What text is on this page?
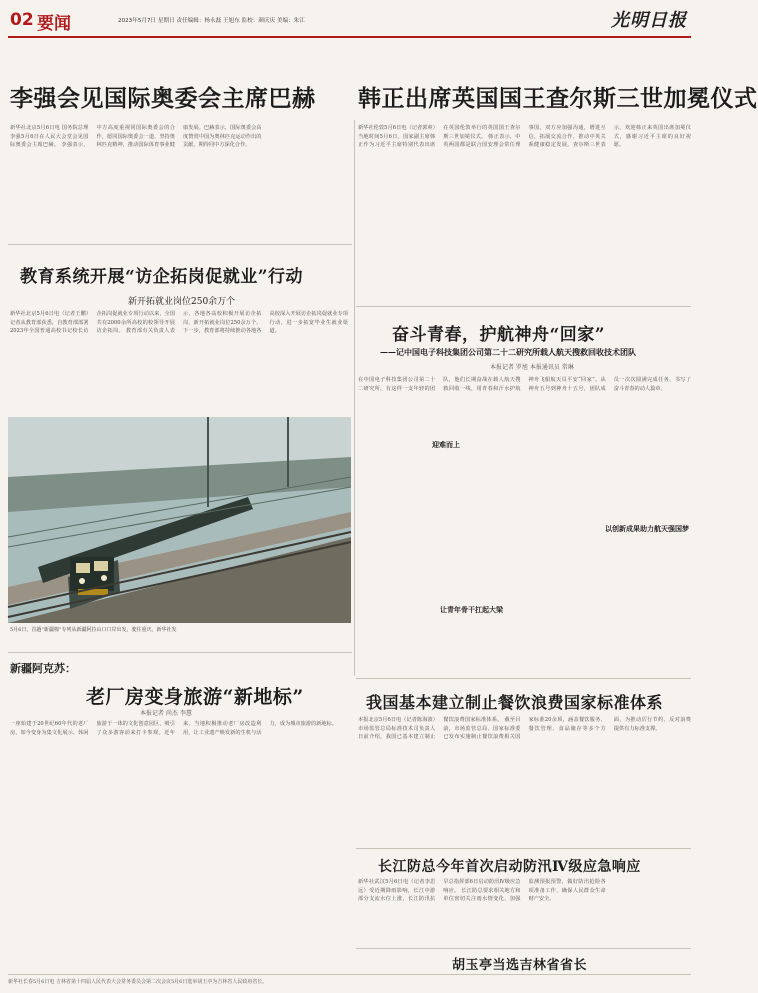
02 要闻	2023年5月7日 星期日 责任编辑：杨永磊 王旭东 监校：颜庆庆 美编：朱江	光明日报
李强会见国际奥委会主席巴赫 韩正出席英国国王查尔斯三世加冕仪式
新华社北京5月6日电 国务院总理李强5月6日在人民大会堂会见国际奥委会主席巴赫。 李强表示，中方高度重视同国际奥委会的合作，愿同国际奥委会一道，坚持奥林匹克精神，推动国际体育事业健康发展。巴赫表示，国际奥委会高度赞赏中国为奥林匹克运动作出的贡献，期待同中方深化合作。
教育系统开展“访企拓岗促就业”行动
新开拓就业岗位250余万个
新华社北京5月6日电（记者王鹏）记者从教育部获悉，自教育部部署2023年全国普通高校书记校长访企拓岗促就业专项行动以来，全国共有2000余所高校的校领导开展访企拓岗。 教育部有关负责人表示，各地各高校积极开展访企拓岗，新开拓就业岗位250余万个。下一步，教育部将持续推动各地各高校深入开展访企拓岗促就业专项行动，进一步拓宽毕业生就业渠道。
5月6日，首趟“新疆棉”专列从新疆阿拉山口口岸出发，驶往重庆。新华社发
新疆阿克苏：
老厂房变身旅游“新地标”
本报记者 尚杰 李慧
一座始建于20世纪60年代的老厂房，如今变身为集文化展示、休闲旅游于一体的文化创意园区，吸引了众多游客前来打卡参观。近年来，当地积极推动老厂房改造利用，让工业遗产焕发新的生机与活力，成为城市旅游的新地标。
新华社伦敦5月6日电（记者郭爽）当地时间5月6日，国家副主席韩正作为习近平主席特别代表出席在英国伦敦举行的英国国王查尔斯三世加冕仪式。 韩正表示，中英两国都是联合国安理会常任理事国，双方应加强沟通，增进互信，拓展交流合作，推动中英关系健康稳定发展。查尔斯三世表示，欢迎韩正来英国出席加冕仪式，感谢习近平主席的良好祝愿。
奋斗青春，护航神舟“回家”
——记中国电子科技集团公司第二十二研究所载人航天搜救回收技术团队
本报记者 罗旭 本报通讯员 常琳
在中国电子科技集团公司第二十二研究所，有这样一支年轻的团队，他们长期奋战在载人航天搜救回收一线，用青春和汗水护航神舟飞船航天员平安“回家”。从神舟五号到神舟十五号，团队成员一次次圆满完成任务，书写了奋斗青春的动人篇章。
迎难而上
以创新成果助力航天强国梦
让青年骨干扛起大梁
我国基本建立制止餐饮浪费国家标准体系
本报北京5月6日电（记者陈海波）市场监管总局标准技术司负责人日前介绍，我国已基本建立制止餐饮浪费国家标准体系。 截至目前，市场监管总局、国家标准委已发布实施制止餐饮浪费相关国家标准20余项，涵盖餐饮服务、餐饮管理、食品储存等多个方面，为推动厉行节约、反对浪费提供有力标准支撑。
长江防总今年首次启动防汛Ⅳ级应急响应
新华社武汉5月6日电（记者李思远）受近期降雨影响，长江中游部分支流水位上涨，长江防汛抗旱总指挥部6日启动防汛Ⅳ级应急响应。 长江防总要求相关地方和单位密切关注雨水情变化，加强监测预报预警，做好防汛抢险各项准备工作，确保人民群众生命财产安全。
胡玉亭当选吉林省省长
新华社长春5月6日电 吉林省第十四届人民代表大会常务委员会第二次会议5月6日选举胡玉亭为吉林省人民政府省长。
